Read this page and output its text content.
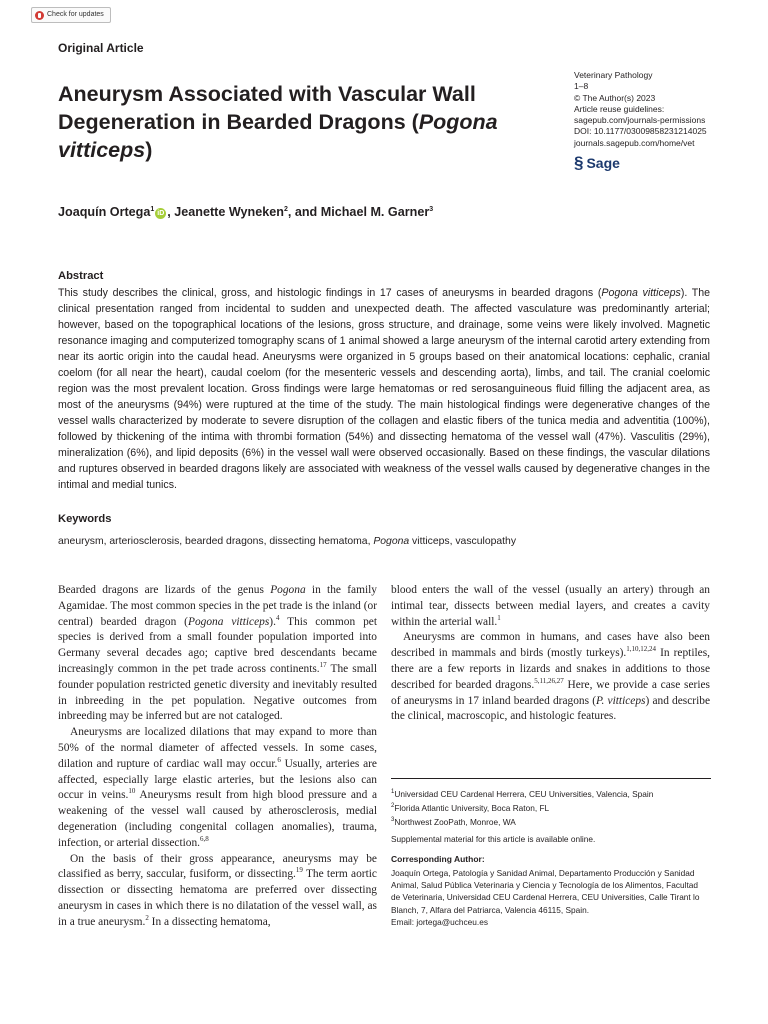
Check for updates
Original Article
Aneurysm Associated with Vascular Wall Degeneration in Bearded Dragons (Pogona vitticeps)
Veterinary Pathology
1–8
© The Author(s) 2023
Article reuse guidelines:
sagepub.com/journals-permissions
DOI: 10.1177/03009858231214025
journals.sagepub.com/home/vet
§ Sage
Joaquín Ortega$^1$iD , Jeanette Wyneken$^2$, and Michael M. Garner$^3$
Abstract

This study describes the clinical, gross, and histologic findings in 17 cases of aneurysms in bearded dragons (Pogona vitticeps). The clinical presentation ranged from incidental to sudden and unexpected death. The affected vasculature was predominantly arterial; however, based on the topographical locations of the lesions, gross structure, and drainage, some veins were likely involved. Magnetic resonance imaging and computerized tomography scans of 1 animal showed a large aneurysm of the internal carotid artery extending from near its aortic origin into the caudal head. Aneurysms were organized in 5 groups based on their anatomical locations: cephalic, cranial coelom (for all near the heart), caudal coelom (for the mesenteric vessels and descending aorta), limbs, and tail. The cranial coelomic region was the most prevalent location. Gross findings were large hematomas or red serosanguineous fluid filling the adjacent area, as most of the aneurysms (94%) were ruptured at the time of the study. The main histological findings were degenerative changes of the vessel walls characterized by moderate to severe disruption of the collagen and elastic fibers of the tunica media and adventitia (100%), followed by thickening of the intima with thrombi formation (54%) and dissecting hematoma of the vessel wall (47%). Vasculitis (29%), mineralization (6%), and lipid deposits (6%) in the vessel wall were observed occasionally. Based on these findings, the vascular dilations and ruptures observed in bearded dragons likely are associated with weakness of the vessel walls caused by degenerative changes in the intimal and medial tunics.

Keywords
aneurysm, arteriosclerosis, bearded dragons, dissecting hematoma, Pogona vitticeps, vasculopathy

Bearded dragons are lizards of the genus Pogona in the family Agamidae. The most common species in the pet trade is the inland (or central) bearded dragon (Pogona vitticeps).$^4$ This common pet species is derived from a small founder population imported into Germany several decades ago; captive bred descendants became increasingly common in the pet trade across continents.$^{17}$ The small founder population restricted genetic diversity and inevitably resulted in inbreeding in the pet population. Negative outcomes from inbreeding may be inferred but are not cataloged.

Aneurysms are localized dilations that may expand to more than 50% of the normal diameter of affected vessels. In some cases, dilation and rupture of cardiac wall may occur.$^6$ Usually, arteries are affected, especially large elastic arteries, but the lesions also can occur in veins.$^{10}$ Aneurysms result from high blood pressure and a weakening of the vessel wall caused by atherosclerosis, medial degeneration (including congenital collagen anomalies), trauma, infection, or arterial dissection.$^{6,8}$

On the basis of their gross appearance, aneurysms may be classified as berry, saccular, fusiform, or dissecting.$^{19}$ The term aortic dissection or dissecting hematoma are preferred over dissecting aneurysm in cases in which there is no dilatation of the vessel wall, as in a true aneurysm.$^2$ In a dissecting hematoma,

blood enters the wall of the vessel (usually an artery) through an intimal tear, dissects between medial layers, and creates a cavity within the arterial wall.$^1$

Aneurysms are common in humans, and cases have also been described in mammals and birds (mostly turkeys).$^{1,10,12,24}$ In reptiles, there are a few reports in lizards and snakes in additions to those described for bearded dragons.$^{5,11,26,27}$ Here, we provide a case series of aneurysms in 17 inland bearded dragons (P. vitticeps) and describe the clinical, macroscopic, and histologic features.

$^1$Universidad CEU Cardenal Herrera, CEU Universities, Valencia, Spain
$^2$Florida Atlantic University, Boca Raton, FL
$^3$Northwest ZooPath, Monroe, WA
Supplemental material for this article is available online.
Corresponding Author:
Joaquín Ortega, Patología y Sanidad Animal, Departamento Producción y Sanidad Animal, Salud Pública Veterinaria y Ciencia y Tecnología de los Alimentos, Facultad de Veterinaria, Universidad CEU Cardenal Herrera, CEU Universities, Calle Tirant lo Blanch, 7, Alfara del Patriarca, Valencia 46115, Spain.
Email: jortega@uchceu.es
